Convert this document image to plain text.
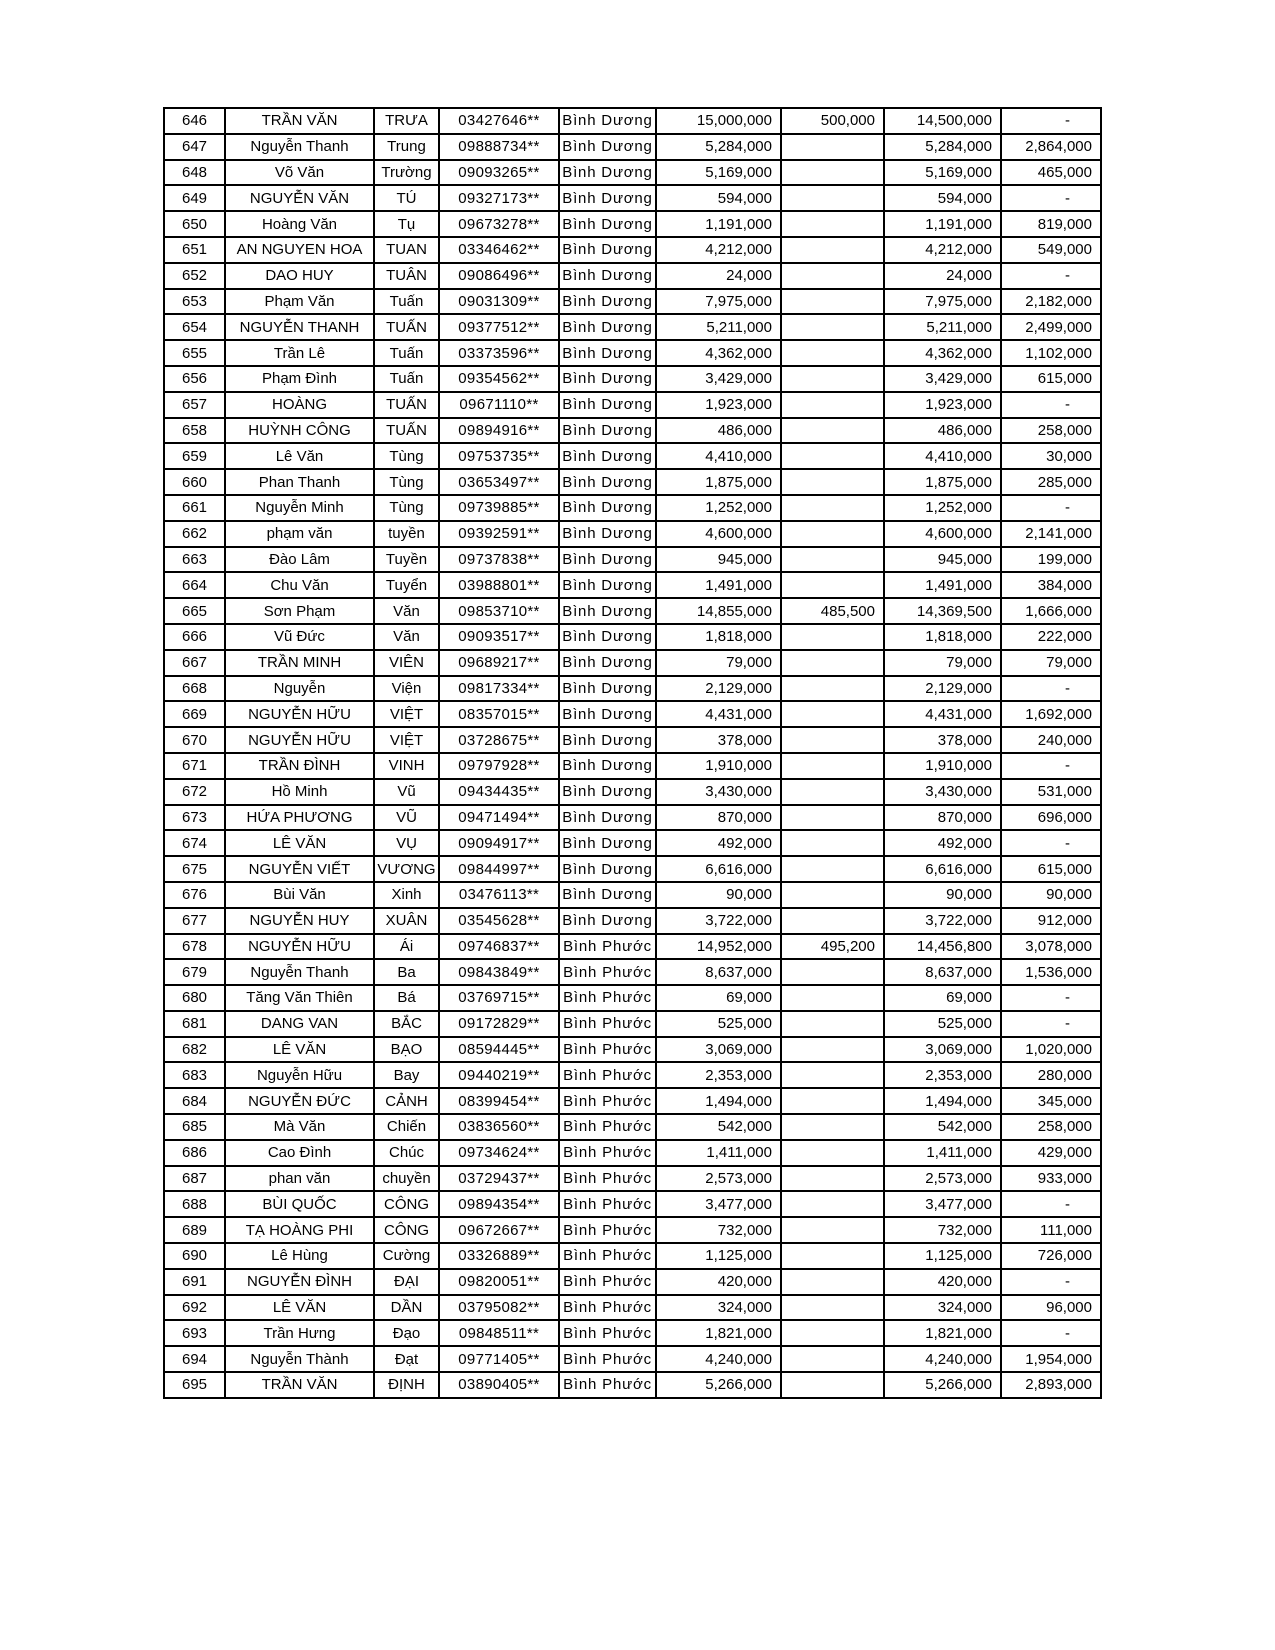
646	TRẦN VĂN	TRƯA	03427646**	Bình Dương	15,000,000	500,000	14,500,000	-
647	Nguyễn Thanh	Trung	09888734**	Bình Dương	5,284,000		5,284,000	2,864,000
648	Võ Văn	Trường	09093265**	Bình Dương	5,169,000		5,169,000	465,000
649	NGUYỄN VĂN	TÚ	09327173**	Bình Dương	594,000		594,000	-
650	Hoàng Văn	Tụ	09673278**	Bình Dương	1,191,000		1,191,000	819,000
651	AN NGUYEN HOA	TUAN	03346462**	Bình Dương	4,212,000		4,212,000	549,000
652	DAO HUY	TUÂN	09086496**	Bình Dương	24,000		24,000	-
653	Phạm Văn	Tuấn	09031309**	Bình Dương	7,975,000		7,975,000	2,182,000
654	NGUYỄN THANH	TUẤN	09377512**	Bình Dương	5,211,000		5,211,000	2,499,000
655	Trần Lê	Tuấn	03373596**	Bình Dương	4,362,000		4,362,000	1,102,000
656	Phạm Đình	Tuấn	09354562**	Bình Dương	3,429,000		3,429,000	615,000
657	HOÀNG	TUẤN	09671110**	Bình Dương	1,923,000		1,923,000	-
658	HUỲNH CÔNG	TUẤN	09894916**	Bình Dương	486,000		486,000	258,000
659	Lê Văn	Tùng	09753735**	Bình Dương	4,410,000		4,410,000	30,000
660	Phan Thanh	Tùng	03653497**	Bình Dương	1,875,000		1,875,000	285,000
661	Nguyễn Minh	Tùng	09739885**	Bình Dương	1,252,000		1,252,000	-
662	phạm văn	tuyền	09392591**	Bình Dương	4,600,000		4,600,000	2,141,000
663	Đào Lâm	Tuyền	09737838**	Bình Dương	945,000		945,000	199,000
664	Chu Văn	Tuyển	03988801**	Bình Dương	1,491,000		1,491,000	384,000
665	Sơn Phạm	Văn	09853710**	Bình Dương	14,855,000	485,500	14,369,500	1,666,000
666	Vũ Đức	Văn	09093517**	Bình Dương	1,818,000		1,818,000	222,000
667	TRẦN MINH	VIÊN	09689217**	Bình Dương	79,000		79,000	79,000
668	Nguyễn	Viện	09817334**	Bình Dương	2,129,000		2,129,000	-
669	NGUYỄN HỮU	VIỆT	08357015**	Bình Dương	4,431,000		4,431,000	1,692,000
670	NGUYỄN HỮU	VIỆT	03728675**	Bình Dương	378,000		378,000	240,000
671	TRẦN ĐÌNH	VINH	09797928**	Bình Dương	1,910,000		1,910,000	-
672	Hồ Minh	Vũ	09434435**	Bình Dương	3,430,000		3,430,000	531,000
673	HỨA PHƯƠNG	VŨ	09471494**	Bình Dương	870,000		870,000	696,000
674	LÊ VĂN	VỤ	09094917**	Bình Dương	492,000		492,000	-
675	NGUYỄN VIẾT	VƯƠNG	09844997**	Bình Dương	6,616,000		6,616,000	615,000
676	Bùi Văn	Xinh	03476113**	Bình Dương	90,000		90,000	90,000
677	NGUYỄN HUY	XUÂN	03545628**	Bình Dương	3,722,000		3,722,000	912,000
678	NGUYỄN HỮU	Ái	09746837**	Bình Phước	14,952,000	495,200	14,456,800	3,078,000
679	Nguyễn Thanh	Ba	09843849**	Bình Phước	8,637,000		8,637,000	1,536,000
680	Tăng Văn Thiên	Bá	03769715**	Bình Phước	69,000		69,000	-
681	DANG VAN	BẮC	09172829**	Bình Phước	525,000		525,000	-
682	LÊ VĂN	BẠO	08594445**	Bình Phước	3,069,000		3,069,000	1,020,000
683	Nguyễn Hữu	Bay	09440219**	Bình Phước	2,353,000		2,353,000	280,000
684	NGUYỄN ĐỨC	CẢNH	08399454**	Bình Phước	1,494,000		1,494,000	345,000
685	Mà Văn	Chiến	03836560**	Bình Phước	542,000		542,000	258,000
686	Cao Đình	Chúc	09734624**	Bình Phước	1,411,000		1,411,000	429,000
687	phan văn	chuyền	03729437**	Bình Phước	2,573,000		2,573,000	933,000
688	BÙI QUỐC	CÔNG	09894354**	Bình Phước	3,477,000		3,477,000	-
689	TẠ HOÀNG PHI	CÔNG	09672667**	Bình Phước	732,000		732,000	111,000
690	Lê Hùng	Cường	03326889**	Bình Phước	1,125,000		1,125,000	726,000
691	NGUYỄN ĐÌNH	ĐẠI	09820051**	Bình Phước	420,000		420,000	-
692	LÊ VĂN	DẦN	03795082**	Bình Phước	324,000		324,000	96,000
693	Trần Hưng	Đạo	09848511**	Bình Phước	1,821,000		1,821,000	-
694	Nguyễn Thành	Đạt	09771405**	Bình Phước	4,240,000		4,240,000	1,954,000
695	TRẦN VĂN	ĐỊNH	03890405**	Bình Phước	5,266,000		5,266,000	2,893,000
